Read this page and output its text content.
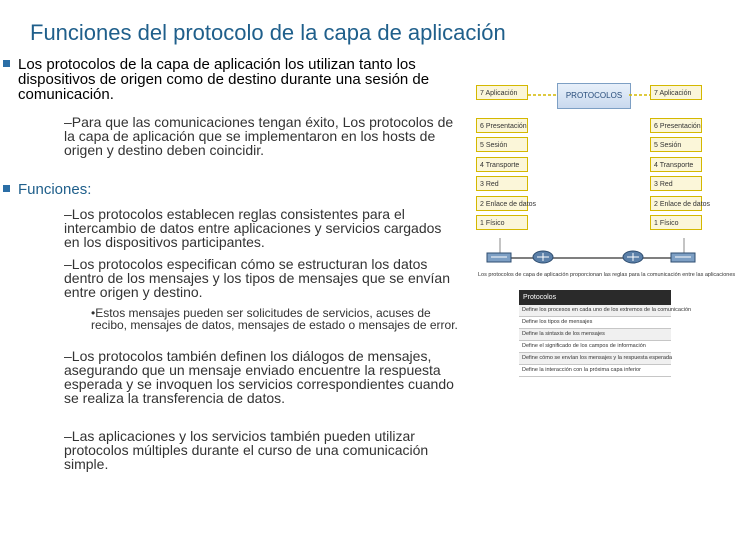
Funciones del protocolo de la capa de aplicación
Los protocolos de la capa de aplicación los utilizan tanto los dispositivos de origen como de destino durante una sesión de comunicación.
–Para que las comunicaciones tengan éxito, Los protocolos de la capa de aplicación que se implementaron en los hosts de origen y destino deben coincidir.
Funciones:
–Los protocolos establecen reglas consistentes para el intercambio de datos entre aplicaciones y servicios cargados en los dispositivos participantes.
–Los protocolos especifican cómo se estructuran los datos dentro de los mensajes y los tipos de mensajes que se envían entre origen y destino.
•Estos mensajes pueden ser solicitudes de servicios, acuses de recibo, mensajes de datos, mensajes de estado o mensajes de error.
–Los protocolos también definen los diálogos de mensajes, asegurando que un mensaje enviado encuentre la respuesta esperada y se invoquen los servicios correspondientes cuando se realiza la transferencia de datos.
–Las aplicaciones y los servicios también pueden utilizar protocolos múltiples durante el curso de una comunicación simple.
PROTOCOLOS
7 Aplicación
6 Presentación
5 Sesión
4 Transporte
3 Red
2 Enlace de datos
1 Físico
7 Aplicación
6 Presentación
5 Sesión
4 Transporte
3 Red
2 Enlace de datos
1 Físico
Los protocolos de capa de aplicación proporcionan las reglas para la comunicación entre las aplicaciones
Protocolos
Define los procesos en cada uno de los extremos de la comunicación
Define los tipos de mensajes
Define la sintaxis de los mensajes
Define el significado de los campos de información
Define cómo se envían los mensajes y la respuesta esperada
Define la interacción con la próxima capa inferior
